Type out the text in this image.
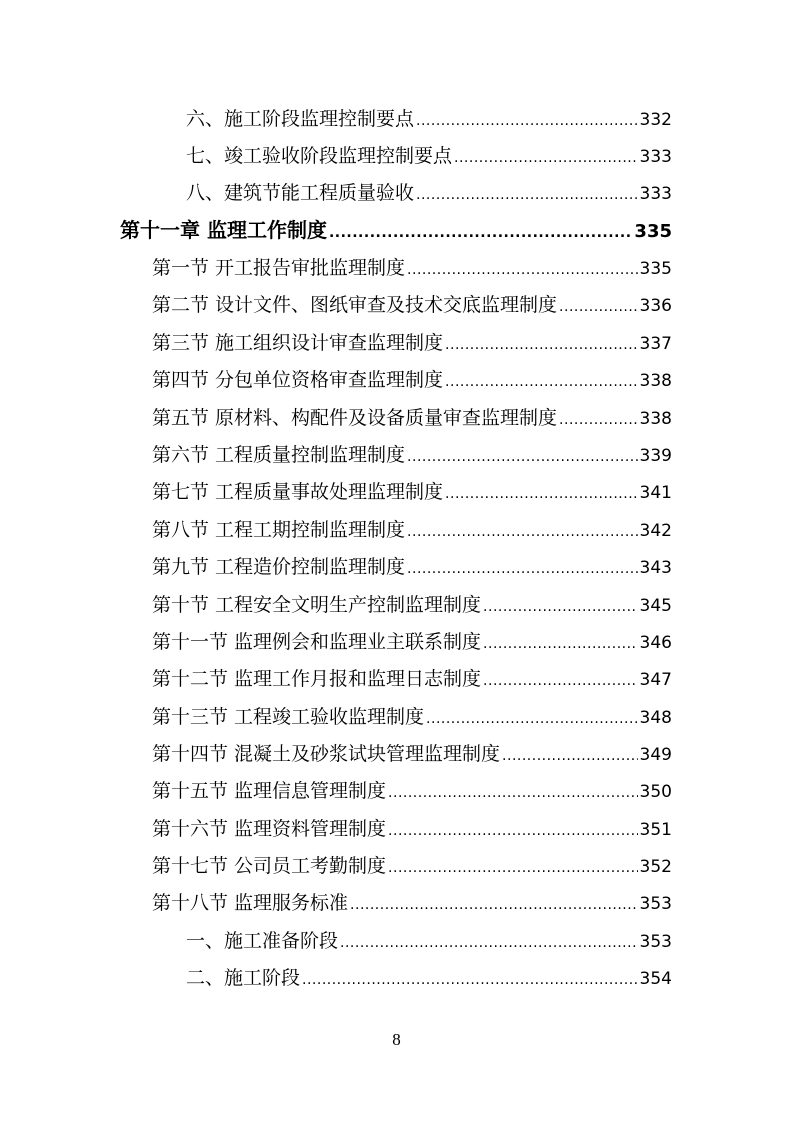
六、施工阶段监理控制要点 .....	332
七、竣工验收阶段监理控制要点 .....	333
八、建筑节能工程质量验收 .....	333
第十一章 监理工作制度 .....	335
第一节 开工报告审批监理制度 .....	335
第二节 设计文件、图纸审查及技术交底监理制度 .....	336
第三节 施工组织设计审查监理制度 .....	337
第四节 分包单位资格审查监理制度 .....	338
第五节 原材料、构配件及设备质量审查监理制度 .....	338
第六节 工程质量控制监理制度 .....	339
第七节 工程质量事故处理监理制度 .....	341
第八节 工程工期控制监理制度 .....	342
第九节 工程造价控制监理制度 .....	343
第十节 工程安全文明生产控制监理制度 .....	345
第十一节 监理例会和监理业主联系制度 .....	346
第十二节 监理工作月报和监理日志制度 .....	347
第十三节 工程竣工验收监理制度 .....	348
第十四节 混凝土及砂浆试块管理监理制度 .....	349
第十五节 监理信息管理制度 .....	350
第十六节 监理资料管理制度 .....	351
第十七节 公司员工考勤制度 .....	352
第十八节 监理服务标准 .....	353
一、施工准备阶段 .....	353
二、施工阶段 .....	354
8
